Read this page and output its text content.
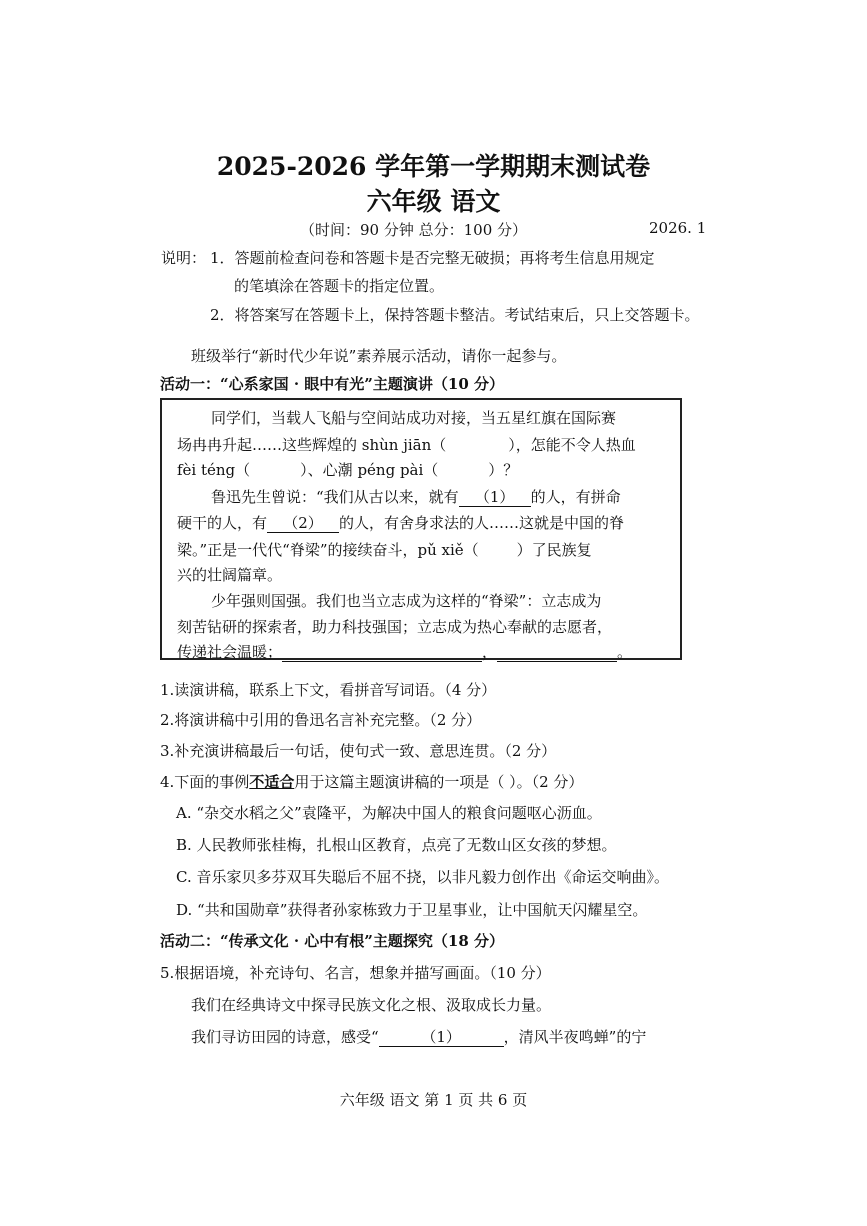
2025-2026 学年第一学期期末测试卷
六年级 语文
（时间：90 分钟 总分：100 分）	2026. 1
说明： 1．答题前检查问卷和答题卡是否完整无破损；再将考生信息用规定
的笔填涂在答题卡的指定位置。
2．将答案写在答题卡上，保持答题卡整洁。考试结束后，只上交答题卡。
班级举行“新时代少年说”素养展示活动，请你一起参与。
活动一：“心系家国 · 眼中有光”主题演讲（10 分）
同学们，当载人飞船与空间站成功对接，当五星红旗在国际赛
场冉冉升起……这些辉煌的 shùn jiān（	），怎能不令人热血
fèi téng（	）、心潮 péng pài（	）？
鲁迅先生曾说：“我们从古以来，就有 （1） 的人，有拼命
硬干的人，有 （2） 的人，有舍身求法的人……这就是中国的脊
梁。”正是一代代“脊梁”的接续奋斗，pǔ xiě（	）了民族复
兴的壮阔篇章。
少年强则国强。我们也当立志成为这样的“脊梁”：立志成为
刻苦钻研的探索者，助力科技强国；立志成为热心奉献的志愿者，
传递社会温暖；	，	。
1.读演讲稿，联系上下文，看拼音写词语。（4 分）
2.将演讲稿中引用的鲁迅名言补充完整。（2 分）
3.补充演讲稿最后一句话，使句式一致、意思连贯。（2 分）
4.下面的事例不适合用于这篇主题演讲稿的一项是（ ）。（2 分）
A. “杂交水稻之父”袁隆平，为解决中国人的粮食问题呕心沥血。
B. 人民教师张桂梅，扎根山区教育，点亮了无数山区女孩的梦想。
C. 音乐家贝多芬双耳失聪后不屈不挠，以非凡毅力创作出《命运交响曲》。
D. “共和国勋章”获得者孙家栋致力于卫星事业，让中国航天闪耀星空。
活动二：“传承文化 · 心中有根”主题探究（18 分）
5.根据语境，补充诗句、名言，想象并描写画面。（10 分）
我们在经典诗文中探寻民族文化之根、汲取成长力量。
我们寻访田园的诗意，感受“	（1）	，清风半夜鸣蝉”的宁
六年级 语文 第 1 页 共 6 页
